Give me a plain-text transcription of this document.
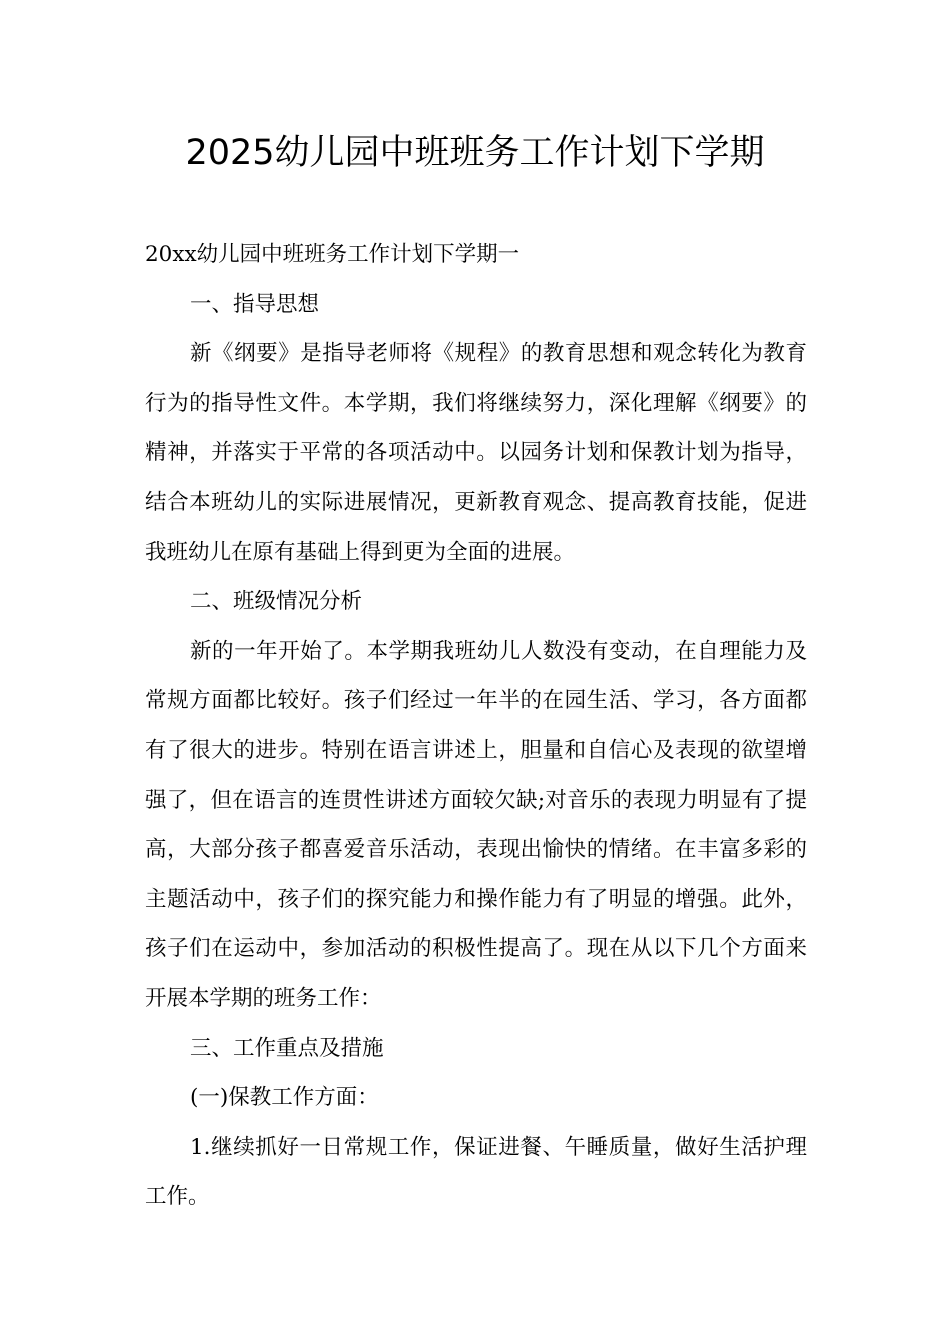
2025幼儿园中班班务工作计划下学期

20xx幼儿园中班班务工作计划下学期一

一、指导思想

新《纲要》是指导老师将《规程》的教育思想和观念转化为教育行为的指导性文件。本学期，我们将继续努力，深化理解《纲要》的精神，并落实于平常的各项活动中。以园务计划和保教计划为指导，结合本班幼儿的实际进展情况，更新教育观念、提高教育技能，促进我班幼儿在原有基础上得到更为全面的进展。

二、班级情况分析

新的一年开始了。本学期我班幼儿人数没有变动，在自理能力及常规方面都比较好。孩子们经过一年半的在园生活、学习，各方面都有了很大的进步。特别在语言讲述上，胆量和自信心及表现的欲望增强了，但在语言的连贯性讲述方面较欠缺;对音乐的表现力明显有了提高，大部分孩子都喜爱音乐活动，表现出愉快的情绪。在丰富多彩的主题活动中，孩子们的探究能力和操作能力有了明显的增强。此外，孩子们在运动中，参加活动的积极性提高了。现在从以下几个方面来开展本学期的班务工作：

三、工作重点及措施

(一)保教工作方面：

1.继续抓好一日常规工作，保证进餐、午睡质量，做好生活护理工作。
